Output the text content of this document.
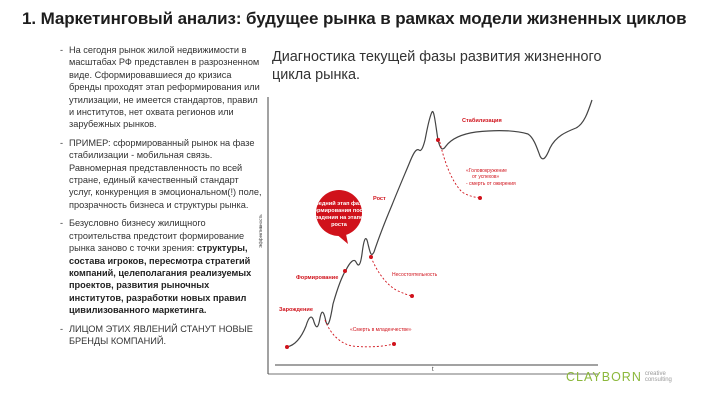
1. Маркетинговый анализ: будущее рынка в рамках модели жизненных циклов
- На сегодня рынок жилой недвижимости в масштабах РФ представлен в разрозненном виде. Сформировавшиеся до кризиса бренды проходят этап реформирования или утилизации, не имеется стандартов, правил и институтов, нет охвата регионов или зарубежных рынков.
- ПРИМЕР: сформированный рынок на фазе стабилизации - мобильная связь. Равномерная представленность по всей стране, единый качественный стандарт услуг, конкуренция в эмоциональном(!) поле, прозрачность бизнеса и структуры рынка.
- Безусловно бизнесу жилищного строительства предстоит формирование рынка заново с точки зрения: структуры, состава игроков, пересмотра стратегий компаний, целеполагания реализуемых проектов, развития рыночных институтов, разработки новых правил цивилизованного маркетинга.
- ЛИЦОМ ЭТИХ ЯВЛЕНИЙ СТАНУТ НОВЫЕ БРЕНДЫ КОМПАНИЙ.
Диагностика текущей фазы развития жизненного цикла рынка.
Эффективность
t
Зарождение
Формирование
Рост
Стабилизация
«Смерть в младенчестве»
Несостоятельность
«Головокружение
от успехов»
- смерть от ожирения
Средний этап фазы
формирования после
падения на этапе
роста
CLAYBORN creative
consulting
